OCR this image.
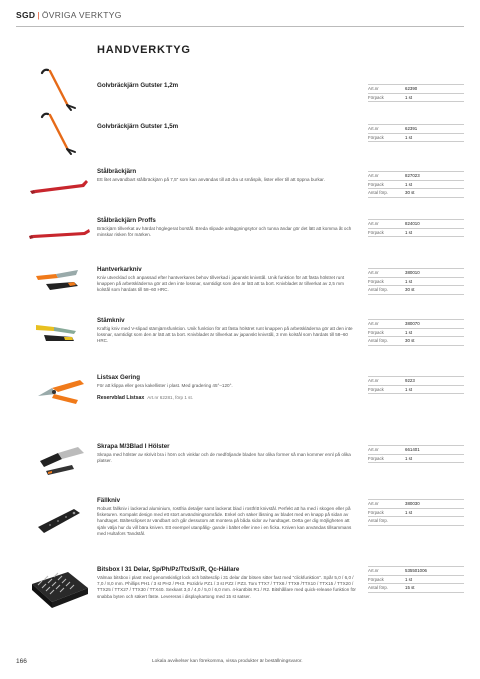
SGD | ÖVRIGA VERKTYG
HANDVERKTYG
Golvbräckjärn Gutster 1,2m	Art.nr	62390
Förpack	1 st
Golvbräckjärn Gutster 1,5m	Art.nr	62391
Förpack	1 st
Stålbräckjärn

Ett litet användbart stålbräckjärn på 7,5" som kan användas till att dra ut småspik, lister eller till att öppna burkar.

Art.nr	827023
Förpack	1 st
Antal förp.	30 st
Stålbräckjärn Proffs

Bräckjärn tillverkat av härdat höglegerat borstål. Breda slipade anläggningsytor och tunna ändar gör det lätt att komma åt och minskar risken för märken.

Art.nr	824010
Förpack	1 st
Hantverkarkniv

Kniv utvecklad och anpassad efter hantverkares behov tillverkad i japanskt knivstål. Unik funktion för att fästa hölstret runt knappen på arbetskläderna gör att den inte lossnar, samtidigt som den är lätt att ta bort. Knivbladet är tillverkat av 2,5 mm kolstål som härdats till 58–60 HRC.

Art.nr	380010
Förpack	1 st
Antal förp.	30 st
Stämkniv

Kraftig kniv med V-slipad stämjärnsfunktion. Unik funktion för att fästa hölstret runt knappen på arbetskläderna gör att den inte lossnar, samtidigt som den är lätt att ta bort. Knivbladet är tillverkat av japanskt knivstål, 3 mm kolstål som härdats till 58–60 HRC.

Art.nr	380070
Förpack	1 st
Antal förp.	30 st
Listsax Gering

För att klippa eller gera kakellister i plast. Med gradering 45°–120°.

Reservblad Listsax Art.nr 62281, förp 1 st.
Art.nr	9223
Förpack	1 st
Skrapa M/3Blad I Hölster

Skrapa med hölster av skrivit bra i hörn och vinklar och de medföljande bladen har olika former så man kommer ennl på olika platser.

Art.nr	661401
Förpack	1 st
Fällkniv

Robust fällkniv i lackerad aluminium, rostfria detaljer samt lackerat blad i rostfritt knivstål. Perfekt att ha med i skogen eller på fisketuren. Kompakt design med ett stort användningsområde. Enkel och säker låsning av bladet med en knapp på sidan av handtaget. Bältesclipset är vändbart och går dessutom att montera på båda sidor av handtaget. Detta ger dig möjligheten att själv välja hur du vill bära kniven. Ett exempel utanpålig- gande i bältet eller inne i en ficka. Kniven kan användas tillsammans med Hultafors Tandstål.

Art.nr	380030
Förpack	1 st
Antal förp.
Bitsbox I 31 Delar, Sp/Ph/Pz/Ttx/Sx/R, Qc-Hällare

Välmax bitsbox i plast med genomskinligt lock och bältesclip i 31 delar där bitsen sitter fast med "clickfunktion". Spår 5,0 / 6,0 / 7,0 / 8,0 mm. Phillips PH1 / 3 st PH2 / PH3. Pozidriv PZ1 / 3 st PZ2 / PZ3. Torx TTX7 / TTX8 / TTX9 /TTX10 / TTX15 / TTX20 / TTX25 / TTX27 / TTX30 / TTX40. Sexkant 3,0 / 4,0 / 5,0 / 6,0 mm. 4-kantbits R1 / R2. Bitshållare med quick-release funktion för snabba byten och säkert fäste. Levereras i displaykartong med 15 st satser.

Art.nr	535501006
Förpack	1 st
Antal förp.	15 st
166	Lokala avvikelser kan förekomma, vissa produkter är beställningsvaror.
